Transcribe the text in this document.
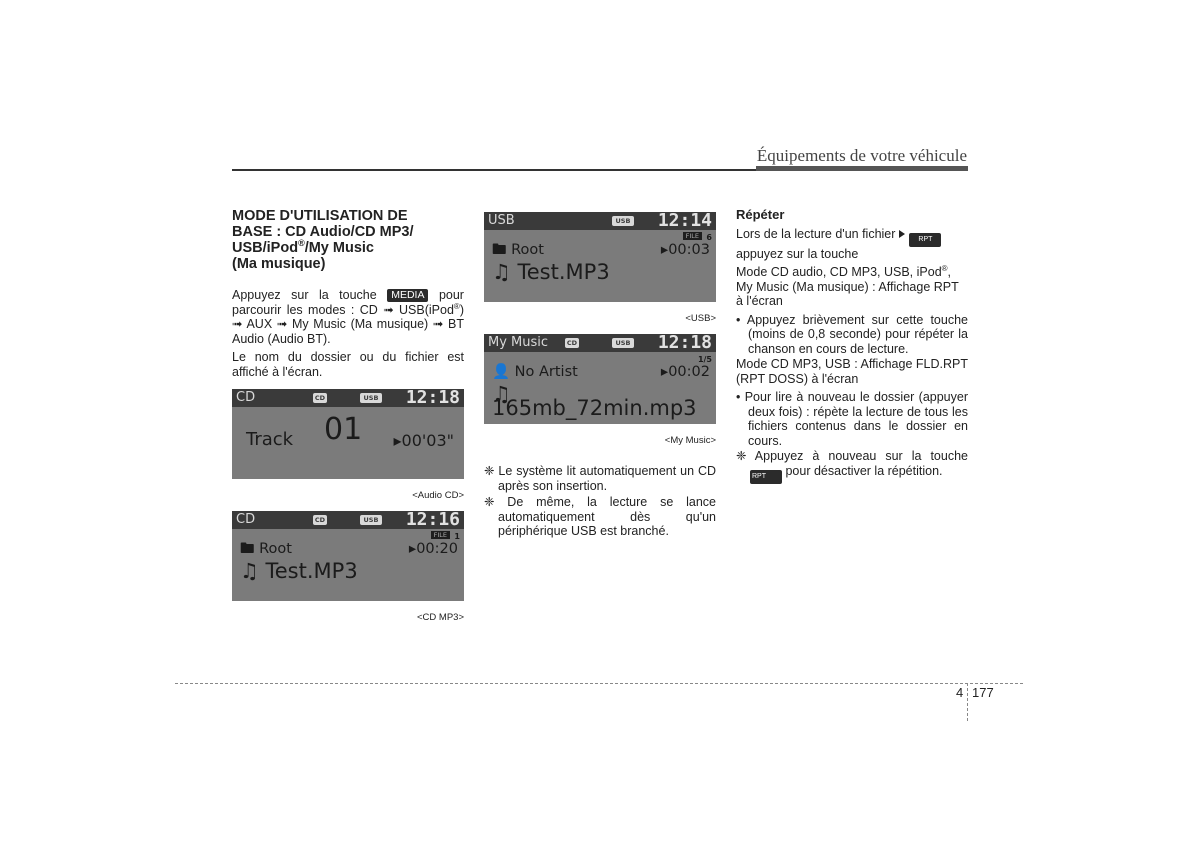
Équipements de votre véhicule
MODE D'UTILISATION DE
BASE : CD Audio/CD MP3/
USB/iPod®/My Music
(Ma musique)

Appuyez sur la touche MEDIA pour parcourir les modes : CD ➟ USB(iPod®) ➟ AUX ➟ My Music (Ma musique) ➟ BT Audio (Audio BT).

Le nom du dossier ou du fichier est affiché à l'écran.

CD	CD	USB 12:18
Track 01 ▸00'03"
<Audio CD>
CD	CD	USB 12:16
FILE 1
🖿 Root	▸00:20
♫ Test.MP3
<CD MP3>
USB	USB 12:14
FILE 6
🖿 Root	▸00:03
♫ Test.MP3
<USB>
My Music	CD	USB 12:18
1/5
👤 No Artist	▸00:02
♫ 165mb_72min.mp3
<My Music>

❈ Le système lit automatiquement un CD après son insertion.

❈ De même, la lecture se lance automatiquement dès qu'un périphérique USB est branché.

Répéter

Lors de la lecture d'un fichier	RPT
appuyez sur la touche

Mode CD audio, CD MP3, USB, iPod®, My Music (Ma musique) : Affichage RPT à l'écran

• Appuyez brièvement sur cette touche (moins de 0,8 seconde) pour répéter la chanson en cours de lecture.

Mode CD MP3, USB : Affichage FLD.RPT (RPT DOSS) à l'écran

• Pour lire à nouveau le dossier (appuyer deux fois) : répète la lecture de tous les fichiers contenus dans le dossier en cours.

❈ Appuyez à nouveau sur la touche RPT pour désactiver la répétition.

4 177
